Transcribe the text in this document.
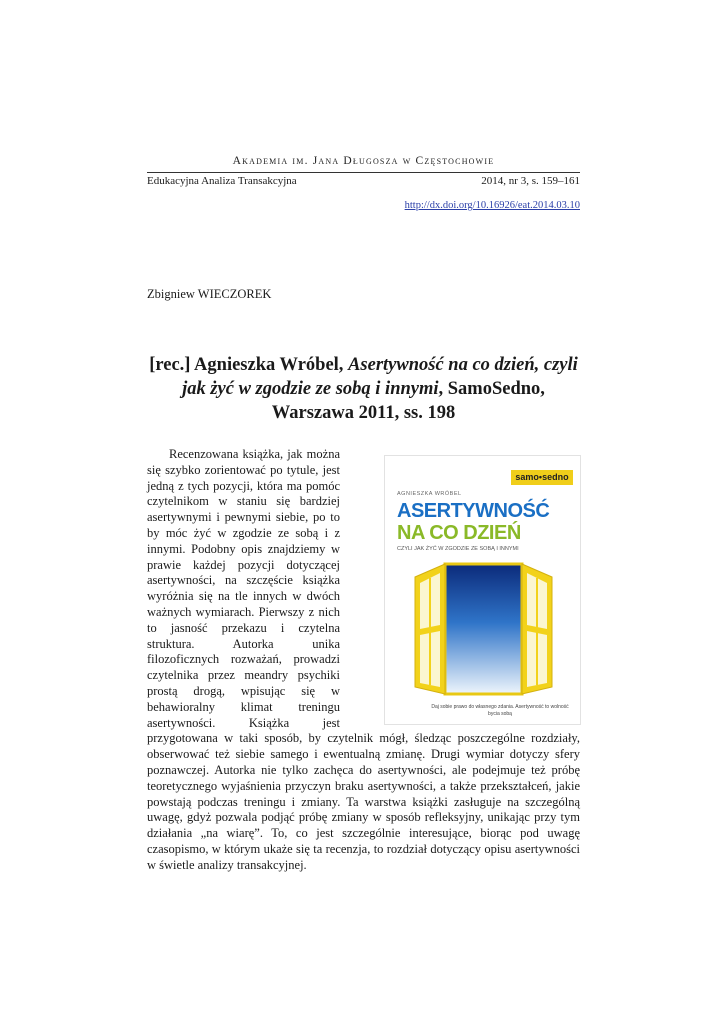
Akademia im. Jana Długosza w Częstochowie
Edukacyjna Analiza Transakcyjna	2014, nr 3, s. 159–161
http://dx.doi.org/10.16926/eat.2014.03.10
Zbigniew WIECZOREK
[rec.] Agnieszka Wróbel, Asertywność na co dzień, czyli jak żyć w zgodzie ze sobą i innymi, SamoSedno, Warszawa 2011, ss. 198

Recenzowana książka, jak można się szybko zorientować po tytule, jest jedną z tych pozycji, która ma pomóc czytelnikom w staniu się bardziej asertywnymi i pewnymi siebie, po to by móc żyć w zgodzie ze sobą i z innymi. Podobny opis znajdziemy w prawie każdej pozycji dotyczącej asertywności, na szczęście książka wyróżnia się na tle innych w dwóch ważnych wymiarach. Pierwszy z nich to jasność przekazu i czytelna struktura. Autorka unika filozoficznych rozważań, prowadzi czytelnika przez meandry psychiki prostą drogą, wpisując się w behawioralny klimat treningu asertywności. Książka jest przygotowana w taki sposób, by czytelnik mógł, śledząc poszczególne rozdziały, obserwować też siebie samego i ewentualną zmianę. Drugi wymiar dotyczy sfery poznawczej. Autorka nie tylko zachęca do asertywności, ale podejmuje też próbę teoretycznego wyjaśnienia przyczyn braku asertywności, a także przekształceń, jakie powstają podczas treningu i zmiany. Ta warstwa książki zasługuje na szczególną uwagę, gdyż pozwala podjąć próbę zmiany w sposób refleksyjny, unikając przy tym działania „na wiarę”. To, co jest szczególnie interesujące, biorąc pod uwagę czasopismo, w którym ukaże się ta recenzja, to rozdział dotyczący opisu asertywności w świetle analizy transakcyjnej.

samo•sedno
AGNIESZKA WRÓBEL
ASERTYWNOŚĆ
NA CO DZIEŃ
CZYLI JAK ŻYĆ W ZGODZIE ZE SOBĄ I INNYMI
Daj sobie prawo do własnego zdania. Asertywność to wolność bycia sobą
